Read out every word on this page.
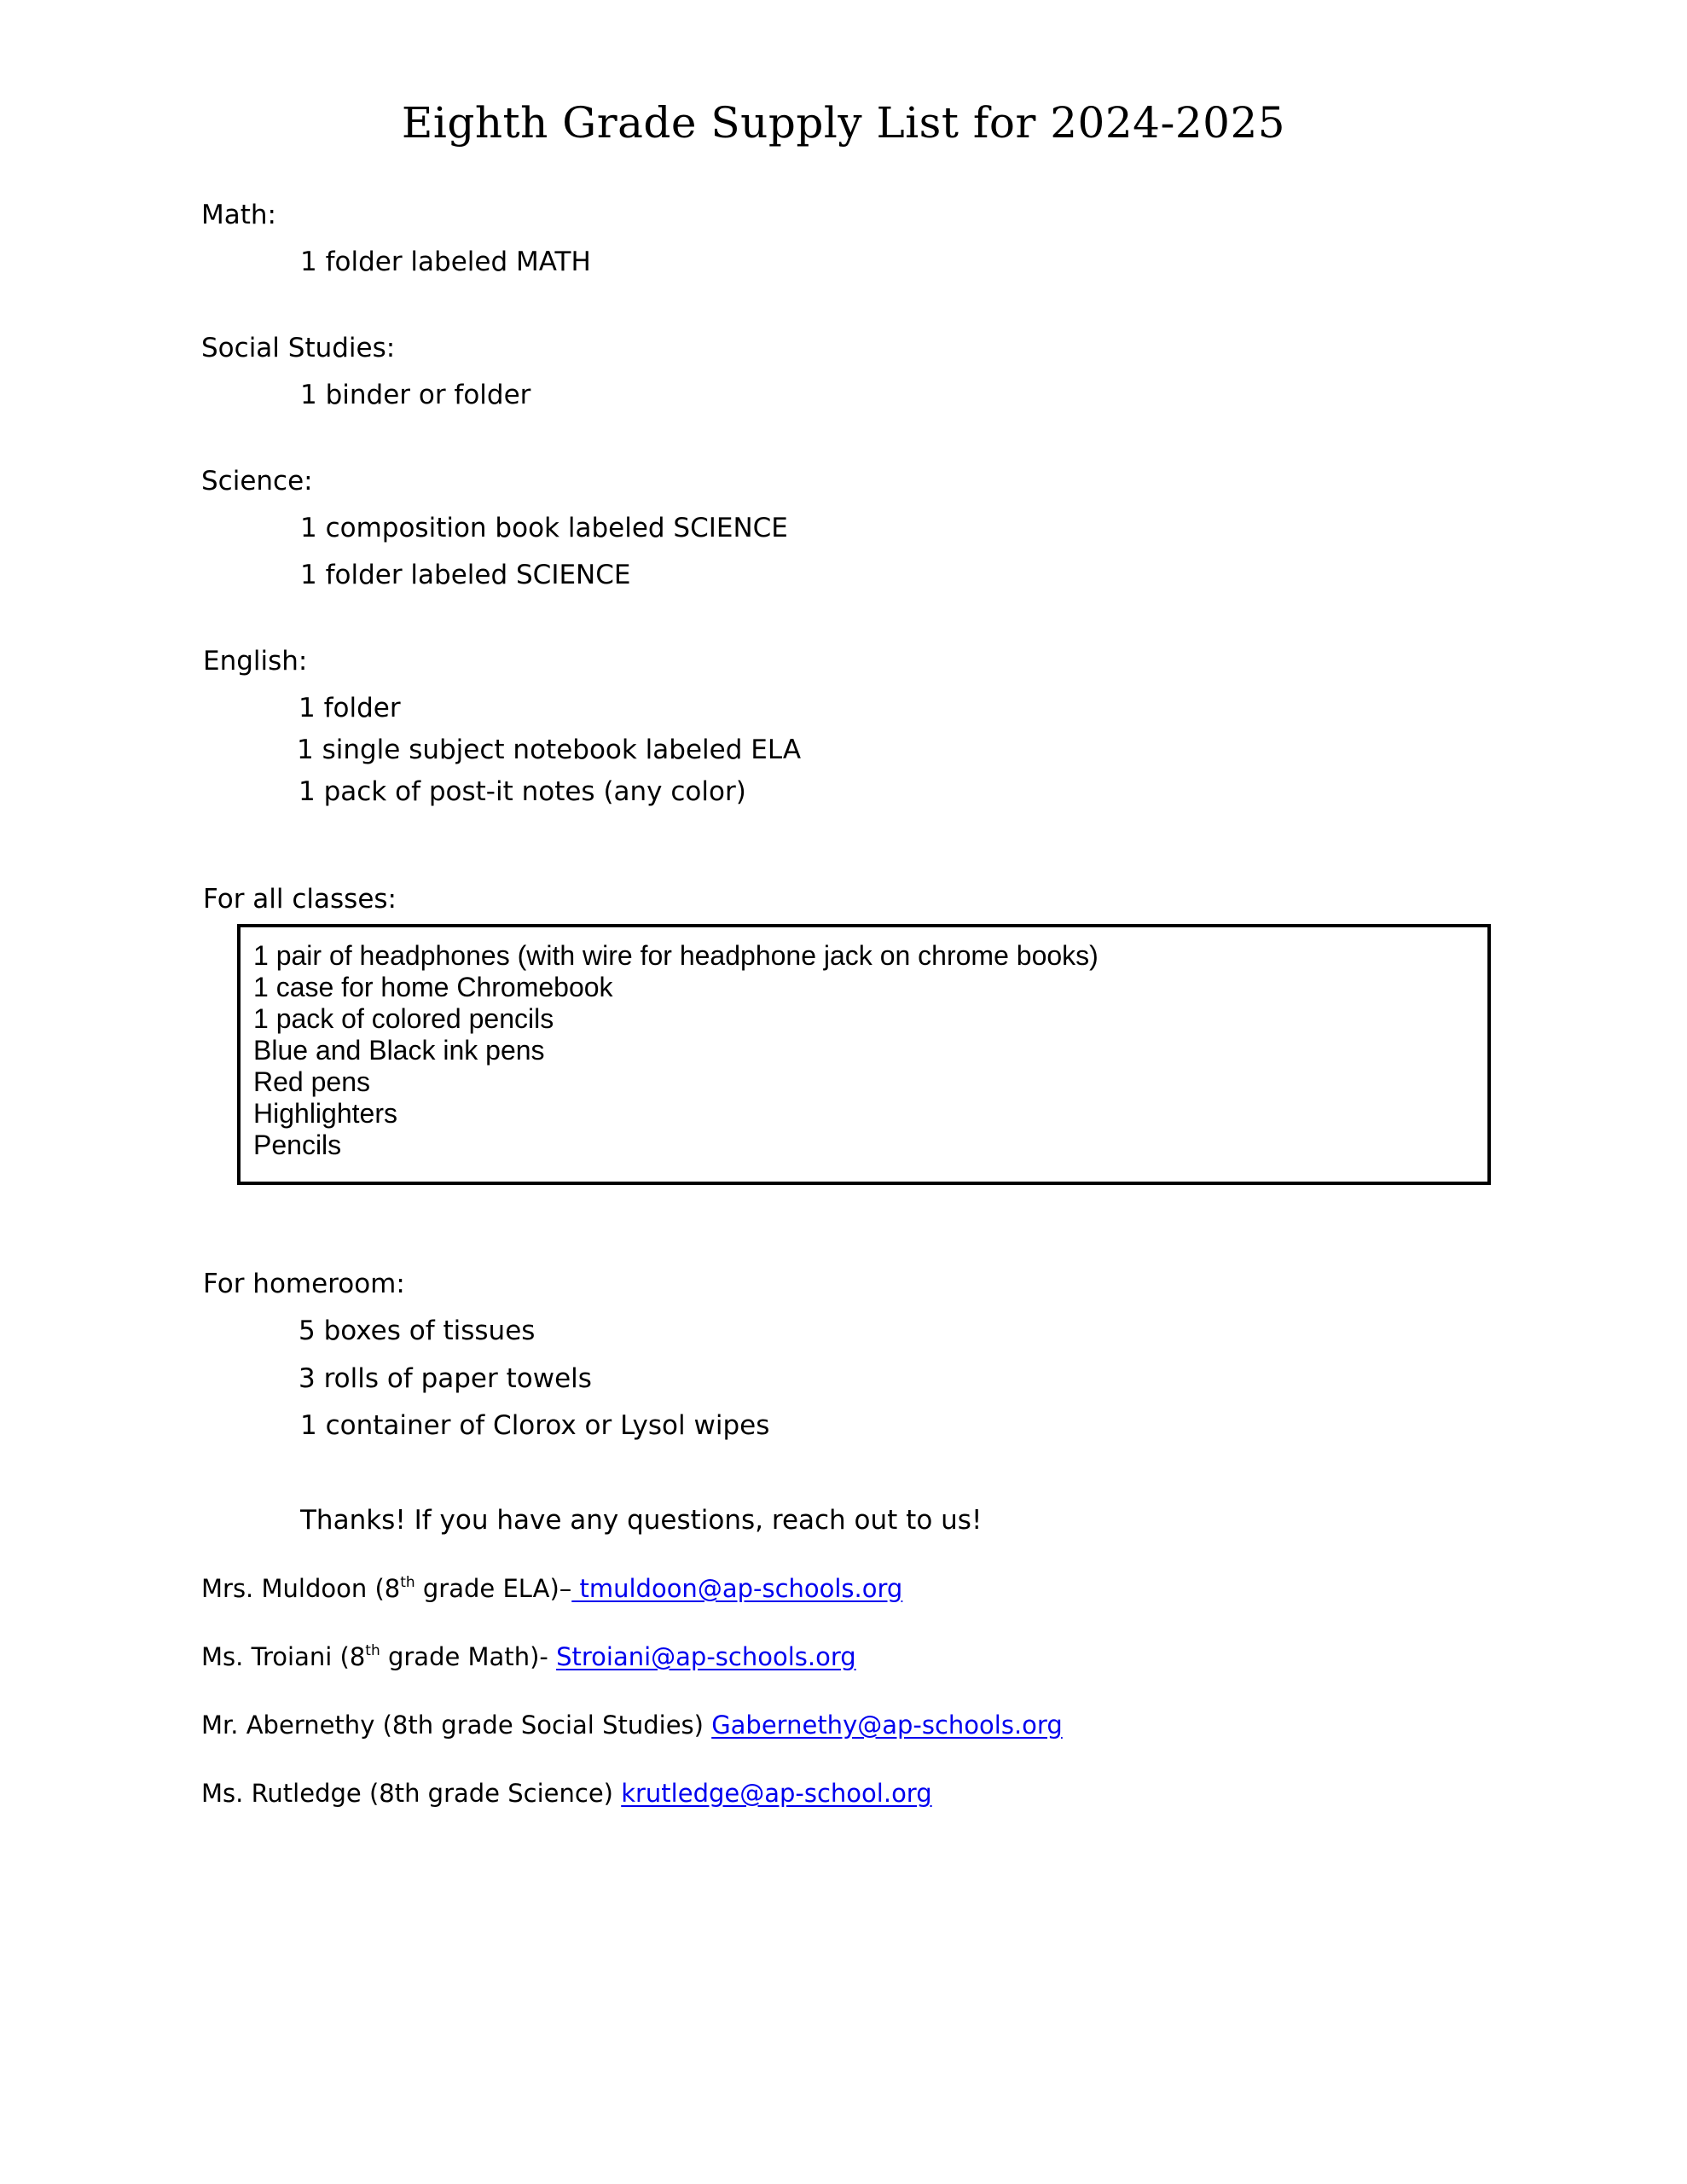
Eighth Grade Supply List for 2024-2025
Math:
1 folder labeled MATH
Social Studies:
1 binder or folder
Science:
1 composition book labeled SCIENCE
1 folder labeled SCIENCE
English:
1 folder
1 single subject notebook labeled ELA
1 pack of post-it notes (any color)
For all classes:
1 pair of headphones (with wire for headphone jack on chrome books)
1 case for home Chromebook
1 pack of colored pencils
Blue and Black ink pens
Red pens
Highlighters
Pencils
For homeroom:
5 boxes of tissues
3 rolls of paper towels
1 container of Clorox or Lysol wipes
Thanks! If you have any questions, reach out to us!
Mrs. Muldoon (8th grade ELA)– tmuldoon@ap-schools.org
Ms. Troiani (8th grade Math)- Stroiani@ap-schools.org
Mr. Abernethy (8th grade Social Studies) Gabernethy@ap-schools.org
Ms. Rutledge (8th grade Science) krutledge@ap-school.org
